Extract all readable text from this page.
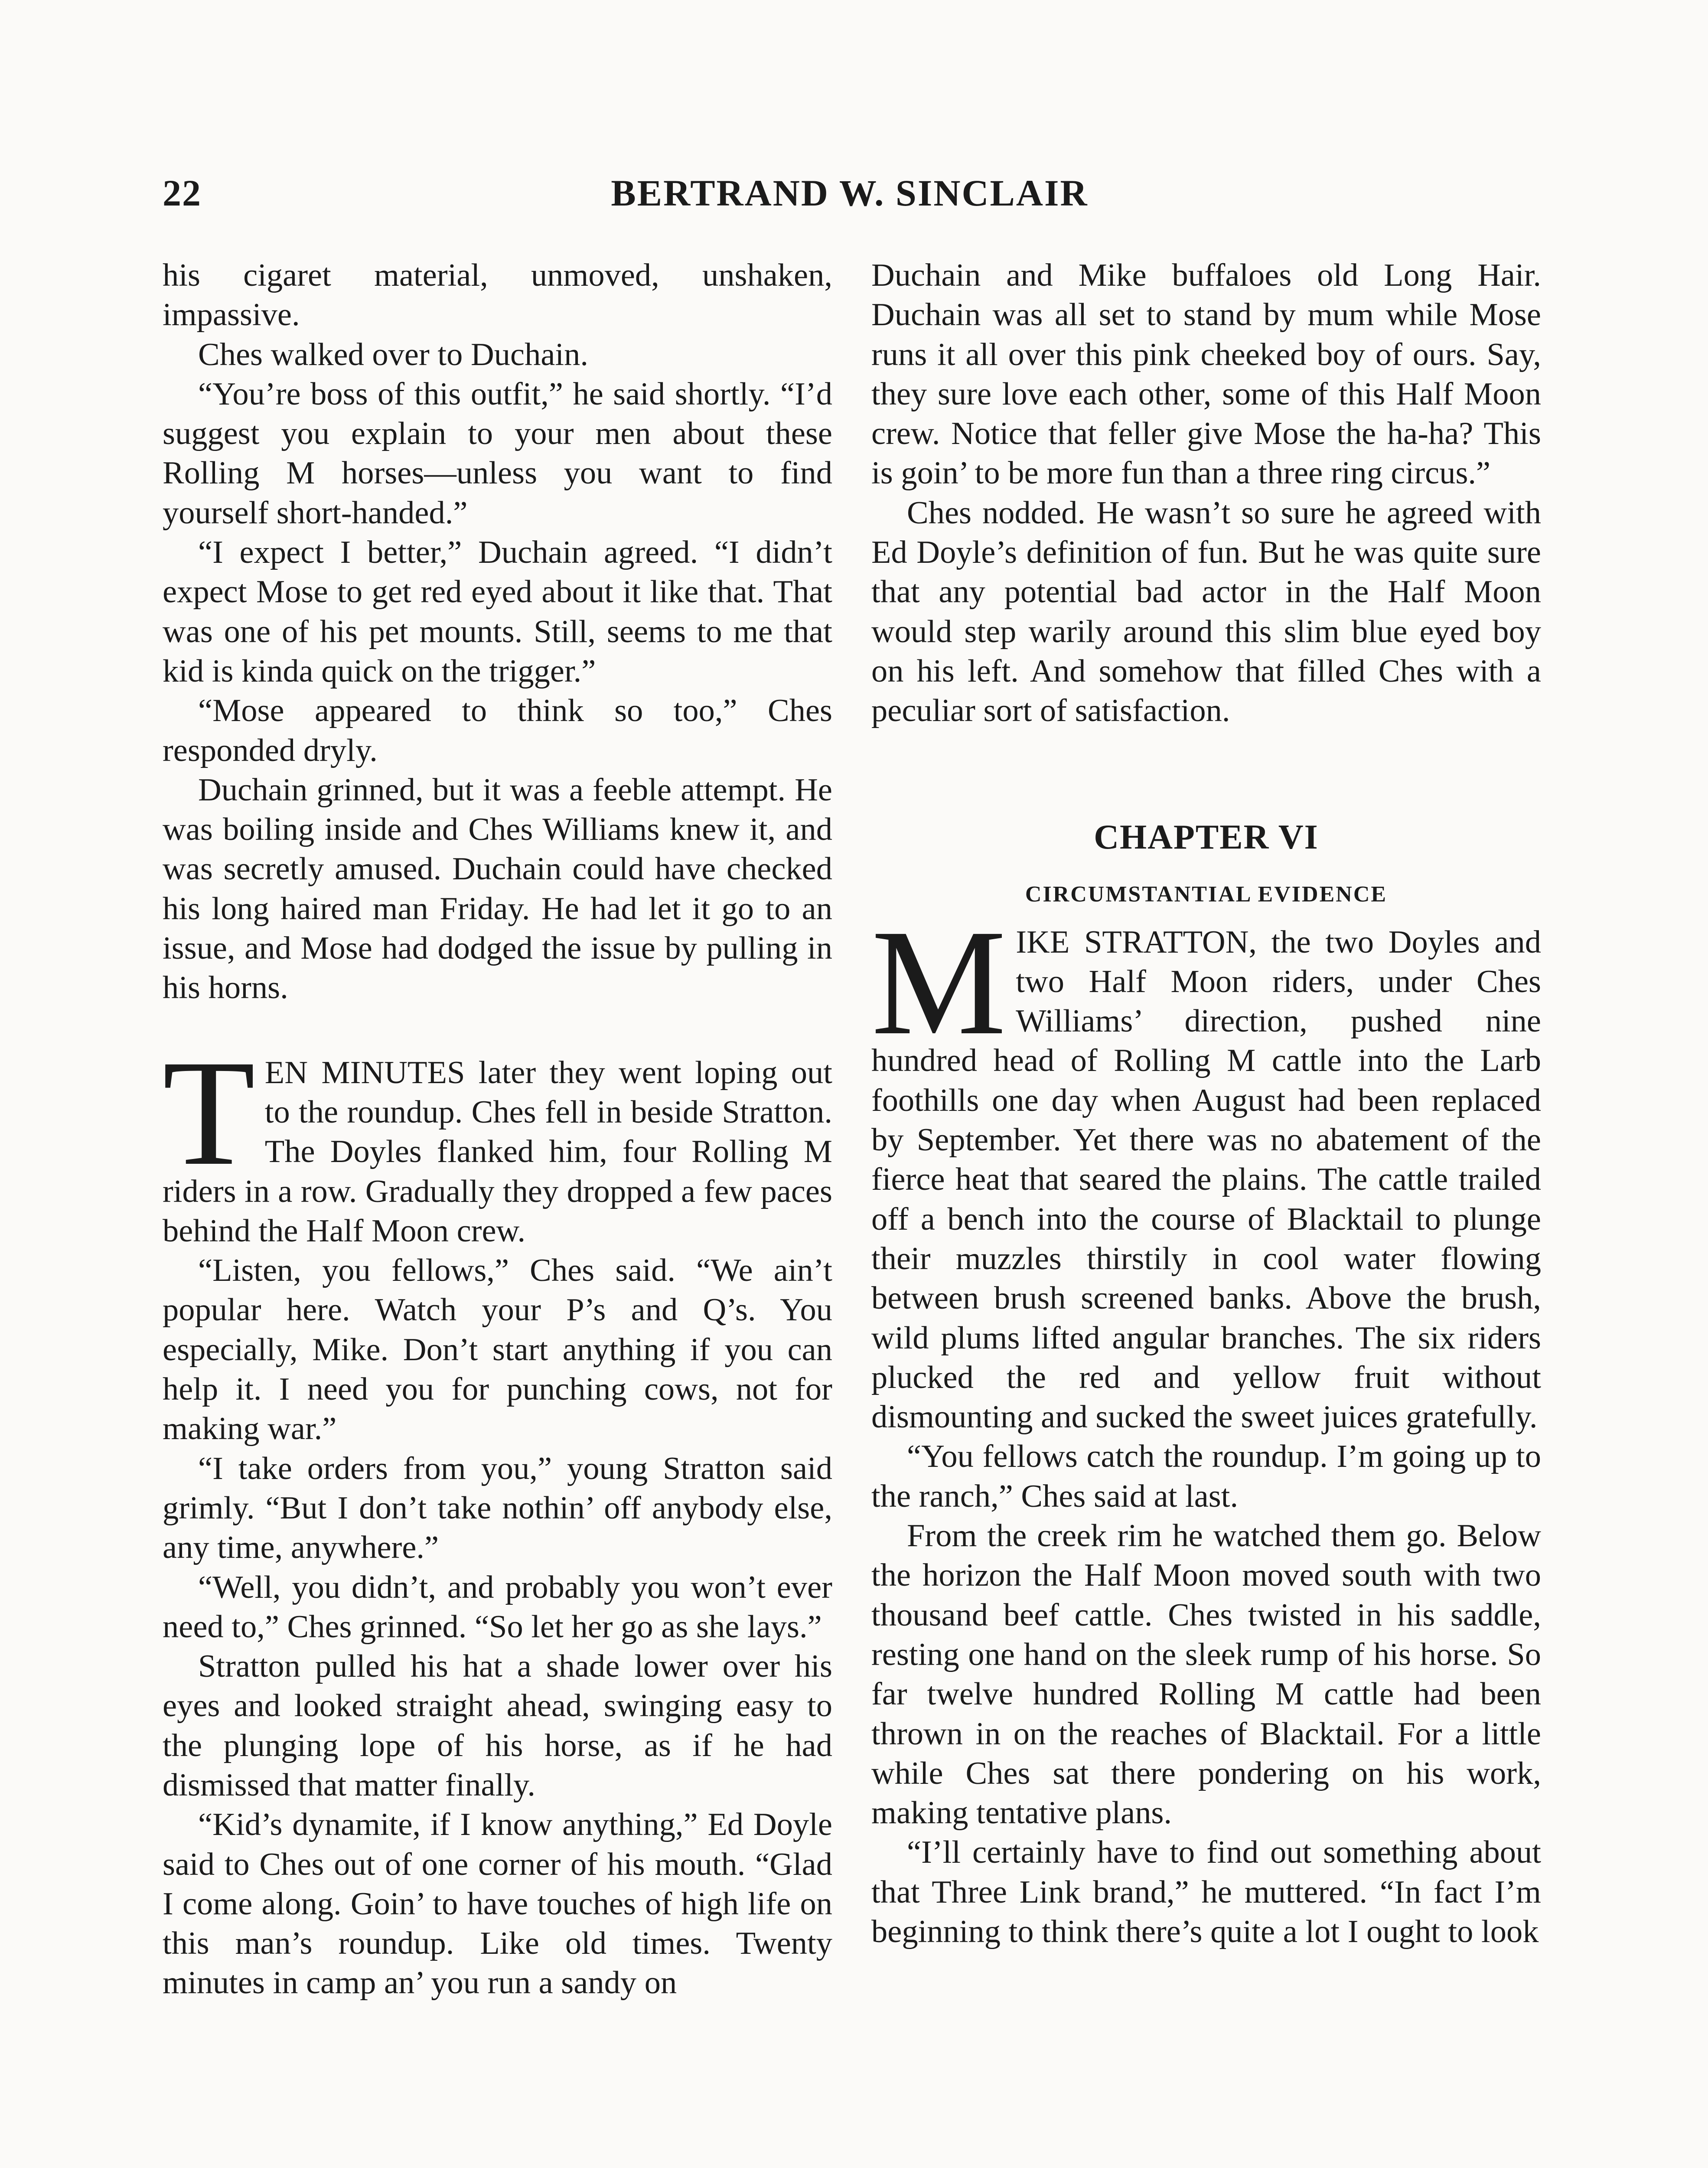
22	BERTRAND W. SINCLAIR

his cigaret material, unmoved, unshaken, impassive.

Ches walked over to Duchain.

“You’re boss of this outfit,” he said shortly. “I’d suggest you explain to your men about these Rolling M horses—unless you want to find yourself short-handed.”

“I expect I better,” Duchain agreed. “I didn’t expect Mose to get red eyed about it like that. That was one of his pet mounts. Still, seems to me that kid is kinda quick on the trigger.”

“Mose appeared to think so too,” Ches responded dryly.

Duchain grinned, but it was a feeble attempt. He was boiling inside and Ches Williams knew it, and was secretly amused. Duchain could have checked his long haired man Friday. He had let it go to an issue, and Mose had dodged the issue by pulling in his horns.

TEN MINUTES later they went loping out to the roundup. Ches fell in beside Stratton. The Doyles flanked him, four Rolling M riders in a row. Gradually they dropped a few paces behind the Half Moon crew.

“Listen, you fellows,” Ches said. “We ain’t popular here. Watch your P’s and Q’s. You especially, Mike. Don’t start anything if you can help it. I need you for punching cows, not for making war.”

“I take orders from you,” young Stratton said grimly. “But I don’t take nothin’ off anybody else, any time, anywhere.”

“Well, you didn’t, and probably you won’t ever need to,” Ches grinned. “So let her go as she lays.”

Stratton pulled his hat a shade lower over his eyes and looked straight ahead, swinging easy to the plunging lope of his horse, as if he had dismissed that matter finally.

“Kid’s dynamite, if I know anything,” Ed Doyle said to Ches out of one corner of his mouth. “Glad I come along. Goin’ to have touches of high life on this man’s roundup. Like old times. Twenty minutes in camp an’ you run a sandy on

Duchain and Mike buffaloes old Long Hair. Duchain was all set to stand by mum while Mose runs it all over this pink cheeked boy of ours. Say, they sure love each other, some of this Half Moon crew. Notice that feller give Mose the ha-ha? This is goin’ to be more fun than a three ring circus.”

Ches nodded. He wasn’t so sure he agreed with Ed Doyle’s definition of fun. But he was quite sure that any potential bad actor in the Half Moon would step warily around this slim blue eyed boy on his left. And somehow that filled Ches with a peculiar sort of satisfaction.

CHAPTER VI
CIRCUMSTANTIAL EVIDENCE

MIKE STRATTON, the two Doyles and two Half Moon riders, under Ches Williams’ direction, pushed nine hundred head of Rolling M cattle into the Larb foothills one day when August had been replaced by September. Yet there was no abatement of the fierce heat that seared the plains. The cattle trailed off a bench into the course of Blacktail to plunge their muzzles thirstily in cool water flowing between brush screened banks. Above the brush, wild plums lifted angular branches. The six riders plucked the red and yellow fruit without dismounting and sucked the sweet juices gratefully.

“You fellows catch the roundup. I’m going up to the ranch,” Ches said at last.

From the creek rim he watched them go. Below the horizon the Half Moon moved south with two thousand beef cattle. Ches twisted in his saddle, resting one hand on the sleek rump of his horse. So far twelve hundred Rolling M cattle had been thrown in on the reaches of Blacktail. For a little while Ches sat there pondering on his work, making tentative plans.

“I’ll certainly have to find out something about that Three Link brand,” he muttered. “In fact I’m beginning to think there’s quite a lot I ought to look
